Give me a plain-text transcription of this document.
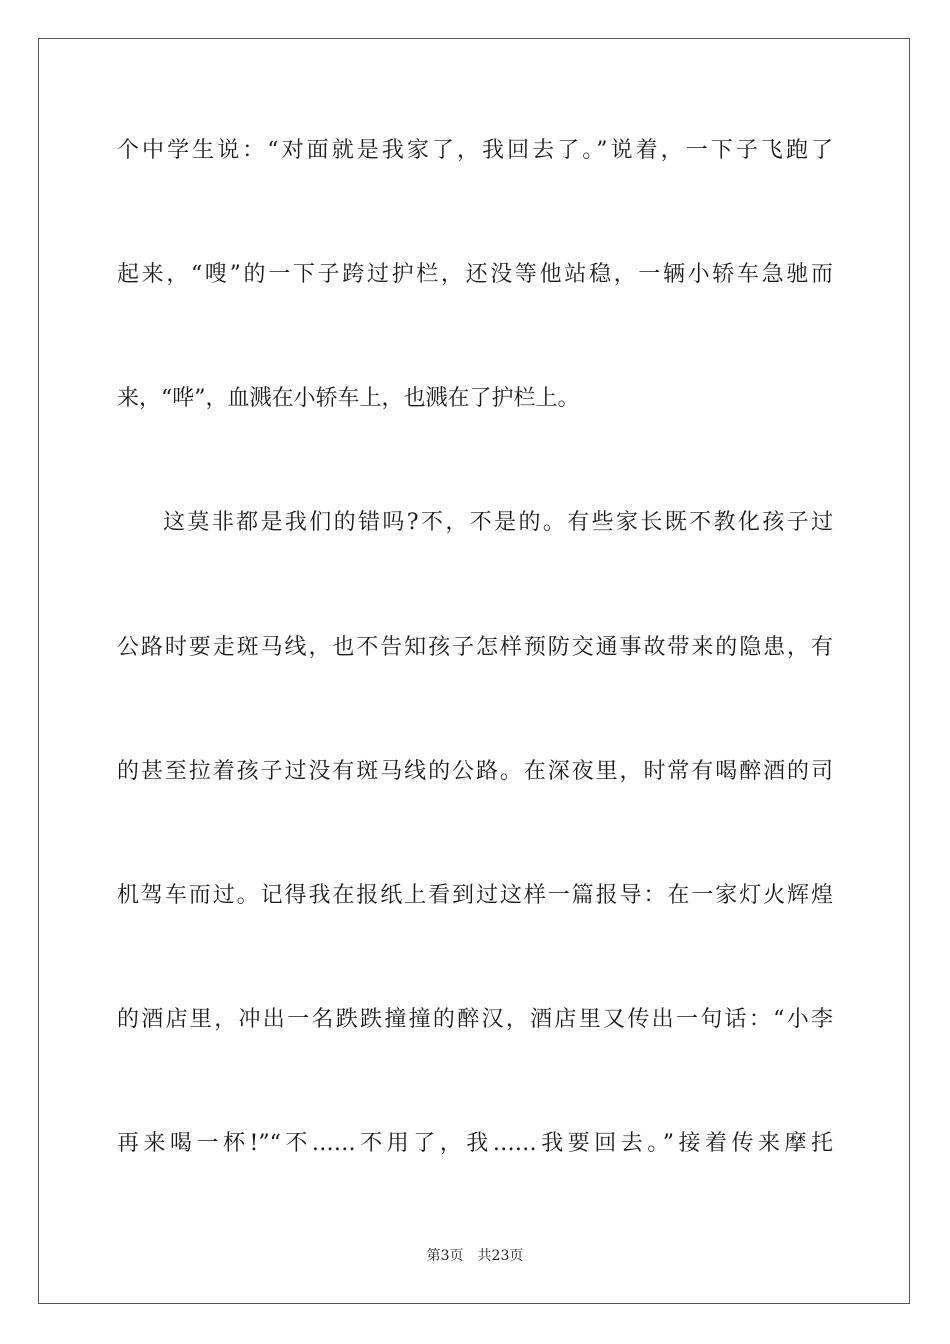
个中学生说：“对面就是我家了，我回去了。”说着，一下子飞跑了
起来，“嗖”的一下子跨过护栏，还没等他站稳，一辆小轿车急驰而
来，“哗”，血溅在小轿车上，也溅在了护栏上。
这莫非都是我们的错吗?不，不是的。有些家长既不教化孩子过
公路时要走斑马线，也不告知孩子怎样预防交通事故带来的隐患，有
的甚至拉着孩子过没有斑马线的公路。在深夜里，时常有喝醉酒的司
机驾车而过。记得我在报纸上看到过这样一篇报导：在一家灯火辉煌
的酒店里，冲出一名跌跌撞撞的醉汉，酒店里又传出一句话：“小李
再来喝一杯!”“不……不用了，我……我要回去。”接着传来摩托
第3页 共23页
